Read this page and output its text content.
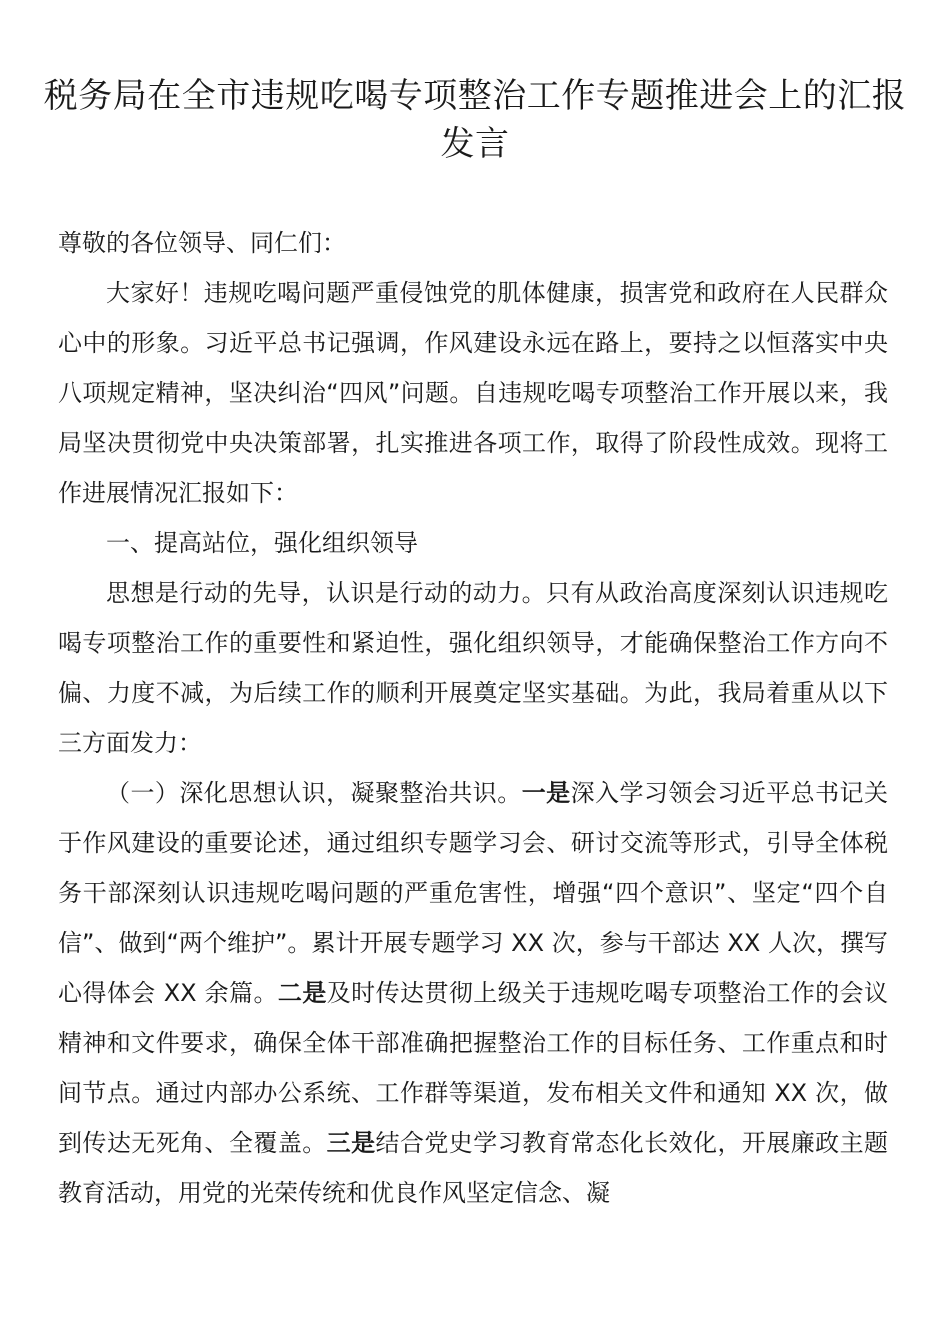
税务局在全市违规吃喝专项整治工作专题推进会上的汇报发言

尊敬的各位领导、同仁们：

大家好！违规吃喝问题严重侵蚀党的肌体健康，损害党和政府在人民群众心中的形象。习近平总书记强调，作风建设永远在路上，要持之以恒落实中央八项规定精神，坚决纠治“四风”问题。自违规吃喝专项整治工作开展以来，我局坚决贯彻党中央决策部署，扎实推进各项工作，取得了阶段性成效。现将工作进展情况汇报如下：

一、提高站位，强化组织领导

思想是行动的先导，认识是行动的动力。只有从政治高度深刻认识违规吃喝专项整治工作的重要性和紧迫性，强化组织领导，才能确保整治工作方向不偏、力度不减，为后续工作的顺利开展奠定坚实基础。为此，我局着重从以下三方面发力：

（一）深化思想认识，凝聚整治共识。一是深入学习领会习近平总书记关于作风建设的重要论述，通过组织专题学习会、研讨交流等形式，引导全体税务干部深刻认识违规吃喝问题的严重危害性，增强“四个意识”、坚定“四个自信”、做到“两个维护”。累计开展专题学习 XX 次，参与干部达 XX 人次，撰写心得体会 XX 余篇。二是及时传达贯彻上级关于违规吃喝专项整治工作的会议精神和文件要求，确保全体干部准确把握整治工作的目标任务、工作重点和时间节点。通过内部办公系统、工作群等渠道，发布相关文件和通知 XX 次，做到传达无死角、全覆盖。三是结合党史学习教育常态化长效化，开展廉政主题教育活动，用党的光荣传统和优良作风坚定信念、凝
